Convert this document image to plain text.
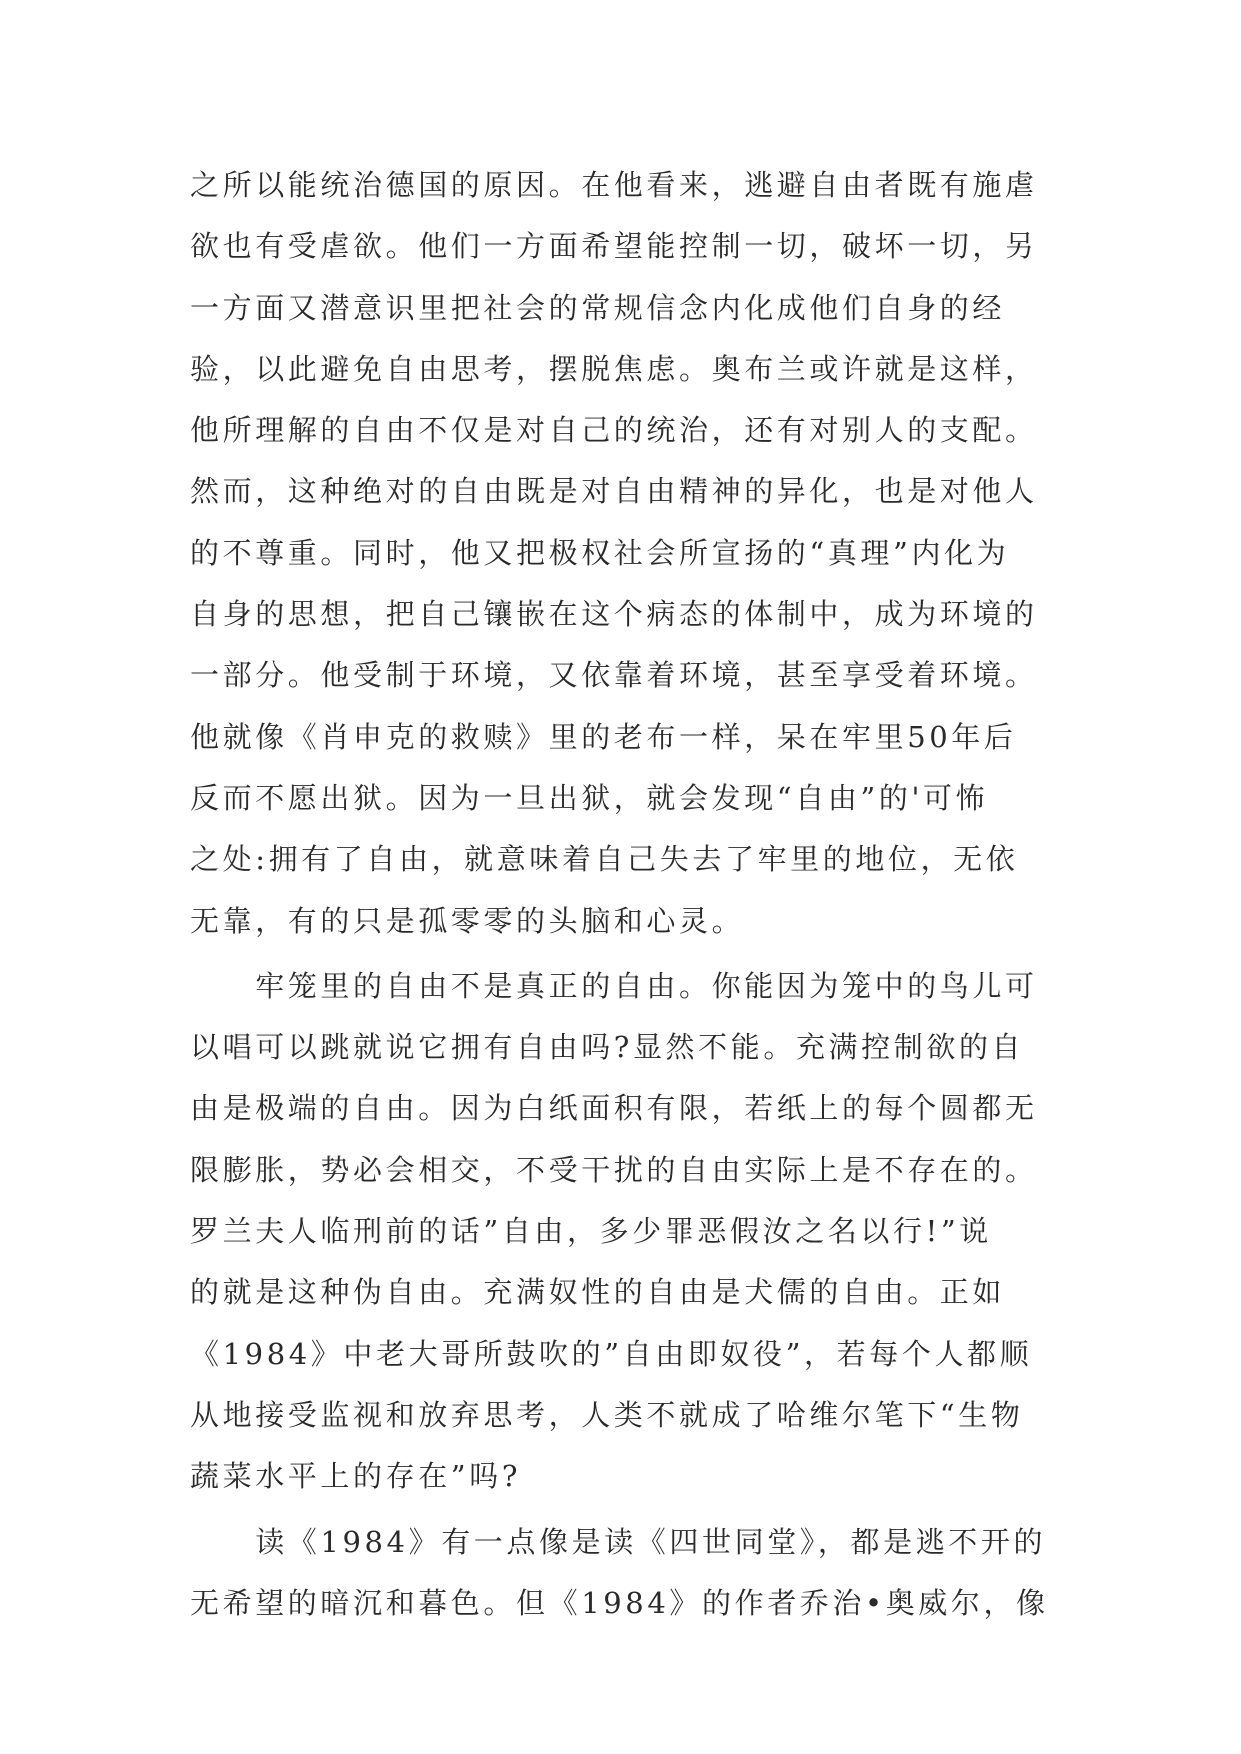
之所以能统治德国的原因。在他看来，逃避自由者既有施虐
欲也有受虐欲。他们一方面希望能控制一切，破坏一切，另
一方面又潜意识里把社会的常规信念内化成他们自身的经
验，以此避免自由思考，摆脱焦虑。奥布兰或许就是这样，
他所理解的自由不仅是对自己的统治，还有对别人的支配。
然而，这种绝对的自由既是对自由精神的异化，也是对他人
的不尊重。同时，他又把极权社会所宣扬的“真理”内化为
自身的思想，把自己镶嵌在这个病态的体制中，成为环境的
一部分。他受制于环境，又依靠着环境，甚至享受着环境。
他就像《肖申克的救赎》里的老布一样，呆在牢里50年后
反而不愿出狱。因为一旦出狱，就会发现“自由”的'可怖
之处:拥有了自由，就意味着自己失去了牢里的地位，无依
无靠，有的只是孤零零的头脑和心灵。
　　牢笼里的自由不是真正的自由。你能因为笼中的鸟儿可
以唱可以跳就说它拥有自由吗?显然不能。充满控制欲的自
由是极端的自由。因为白纸面积有限，若纸上的每个圆都无
限膨胀，势必会相交，不受干扰的自由实际上是不存在的。
罗兰夫人临刑前的话”自由，多少罪恶假汝之名以行!”说
的就是这种伪自由。充满奴性的自由是犬儒的自由。正如
《1984》中老大哥所鼓吹的”自由即奴役”，若每个人都顺
从地接受监视和放弃思考，人类不就成了哈维尔笔下“生物
蔬菜水平上的存在”吗?
　　读《1984》有一点像是读《四世同堂》，都是逃不开的
无希望的暗沉和暮色。但《1984》的作者乔治•奥威尔，像
